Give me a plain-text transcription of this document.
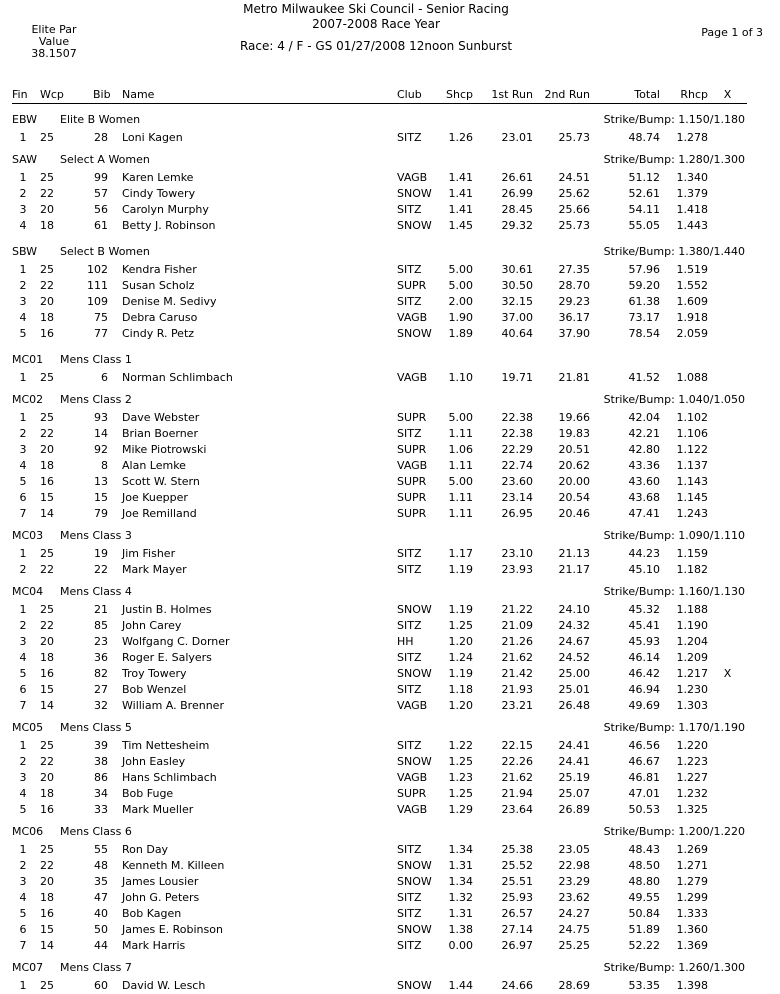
Metro Milwaukee Ski Council - Senior Racing
2007-2008 Race Year
Race: 4 / F - GS 01/27/2008 12noon Sunburst
Elite Par
Value
38.1507
Page 1 of 3
Fin	Wcp	Bib	Name	Club	Shcp	1st Run	2nd Run	Total	Rhcp	X
EBW	Elite B Women	Strike/Bump: 1.150/1.180
1	25	28	Loni Kagen	SITZ	1.26	23.01	25.73	48.74	1.278
SAW	Select A Women	Strike/Bump: 1.280/1.300
1	25	99	Karen Lemke	VAGB	1.41	26.61	24.51	51.12	1.340
2	22	57	Cindy Towery	SNOW	1.41	26.99	25.62	52.61	1.379
3	20	56	Carolyn Murphy	SITZ	1.41	28.45	25.66	54.11	1.418
4	18	61	Betty J. Robinson	SNOW	1.45	29.32	25.73	55.05	1.443
SBW	Select B Women	Strike/Bump: 1.380/1.440
1	25	102	Kendra Fisher	SITZ	5.00	30.61	27.35	57.96	1.519
2	22	111	Susan Scholz	SUPR	5.00	30.50	28.70	59.20	1.552
3	20	109	Denise M. Sedivy	SITZ	2.00	32.15	29.23	61.38	1.609
4	18	75	Debra Caruso	VAGB	1.90	37.00	36.17	73.17	1.918
5	16	77	Cindy R. Petz	SNOW	1.89	40.64	37.90	78.54	2.059
MC01	Mens Class 1
1	25	6	Norman Schlimbach	VAGB	1.10	19.71	21.81	41.52	1.088
MC02	Mens Class 2	Strike/Bump: 1.040/1.050
1	25	93	Dave Webster	SUPR	5.00	22.38	19.66	42.04	1.102
2	22	14	Brian Boerner	SITZ	1.11	22.38	19.83	42.21	1.106
3	20	92	Mike Piotrowski	SUPR	1.06	22.29	20.51	42.80	1.122
4	18	8	Alan Lemke	VAGB	1.11	22.74	20.62	43.36	1.137
5	16	13	Scott W. Stern	SUPR	5.00	23.60	20.00	43.60	1.143
6	15	15	Joe Kuepper	SUPR	1.11	23.14	20.54	43.68	1.145
7	14	79	Joe Remilland	SUPR	1.11	26.95	20.46	47.41	1.243
MC03	Mens Class 3	Strike/Bump: 1.090/1.110
1	25	19	Jim Fisher	SITZ	1.17	23.10	21.13	44.23	1.159
2	22	22	Mark Mayer	SITZ	1.19	23.93	21.17	45.10	1.182
MC04	Mens Class 4	Strike/Bump: 1.160/1.130
1	25	21	Justin B. Holmes	SNOW	1.19	21.22	24.10	45.32	1.188
2	22	85	John Carey	SITZ	1.25	21.09	24.32	45.41	1.190
3	20	23	Wolfgang C. Dorner	HH	1.20	21.26	24.67	45.93	1.204
4	18	36	Roger E. Salyers	SITZ	1.24	21.62	24.52	46.14	1.209
5	16	82	Troy Towery	SNOW	1.19	21.42	25.00	46.42	1.217	X
6	15	27	Bob Wenzel	SITZ	1.18	21.93	25.01	46.94	1.230
7	14	32	William A. Brenner	VAGB	1.20	23.21	26.48	49.69	1.303
MC05	Mens Class 5	Strike/Bump: 1.170/1.190
1	25	39	Tim Nettesheim	SITZ	1.22	22.15	24.41	46.56	1.220
2	22	38	John Easley	SNOW	1.25	22.26	24.41	46.67	1.223
3	20	86	Hans Schlimbach	VAGB	1.23	21.62	25.19	46.81	1.227
4	18	34	Bob Fuge	SUPR	1.25	21.94	25.07	47.01	1.232
5	16	33	Mark Mueller	VAGB	1.29	23.64	26.89	50.53	1.325
MC06	Mens Class 6	Strike/Bump: 1.200/1.220
1	25	55	Ron Day	SITZ	1.34	25.38	23.05	48.43	1.269
2	22	48	Kenneth M. Killeen	SNOW	1.31	25.52	22.98	48.50	1.271
3	20	35	James Lousier	SNOW	1.34	25.51	23.29	48.80	1.279
4	18	47	John G. Peters	SITZ	1.32	25.93	23.62	49.55	1.299
5	16	40	Bob Kagen	SITZ	1.31	26.57	24.27	50.84	1.333
6	15	50	James E. Robinson	SNOW	1.38	27.14	24.75	51.89	1.360
7	14	44	Mark Harris	SITZ	0.00	26.97	25.25	52.22	1.369
MC07	Mens Class 7	Strike/Bump: 1.260/1.300
1	25	60	David W. Lesch	SNOW	1.44	24.66	28.69	53.35	1.398
